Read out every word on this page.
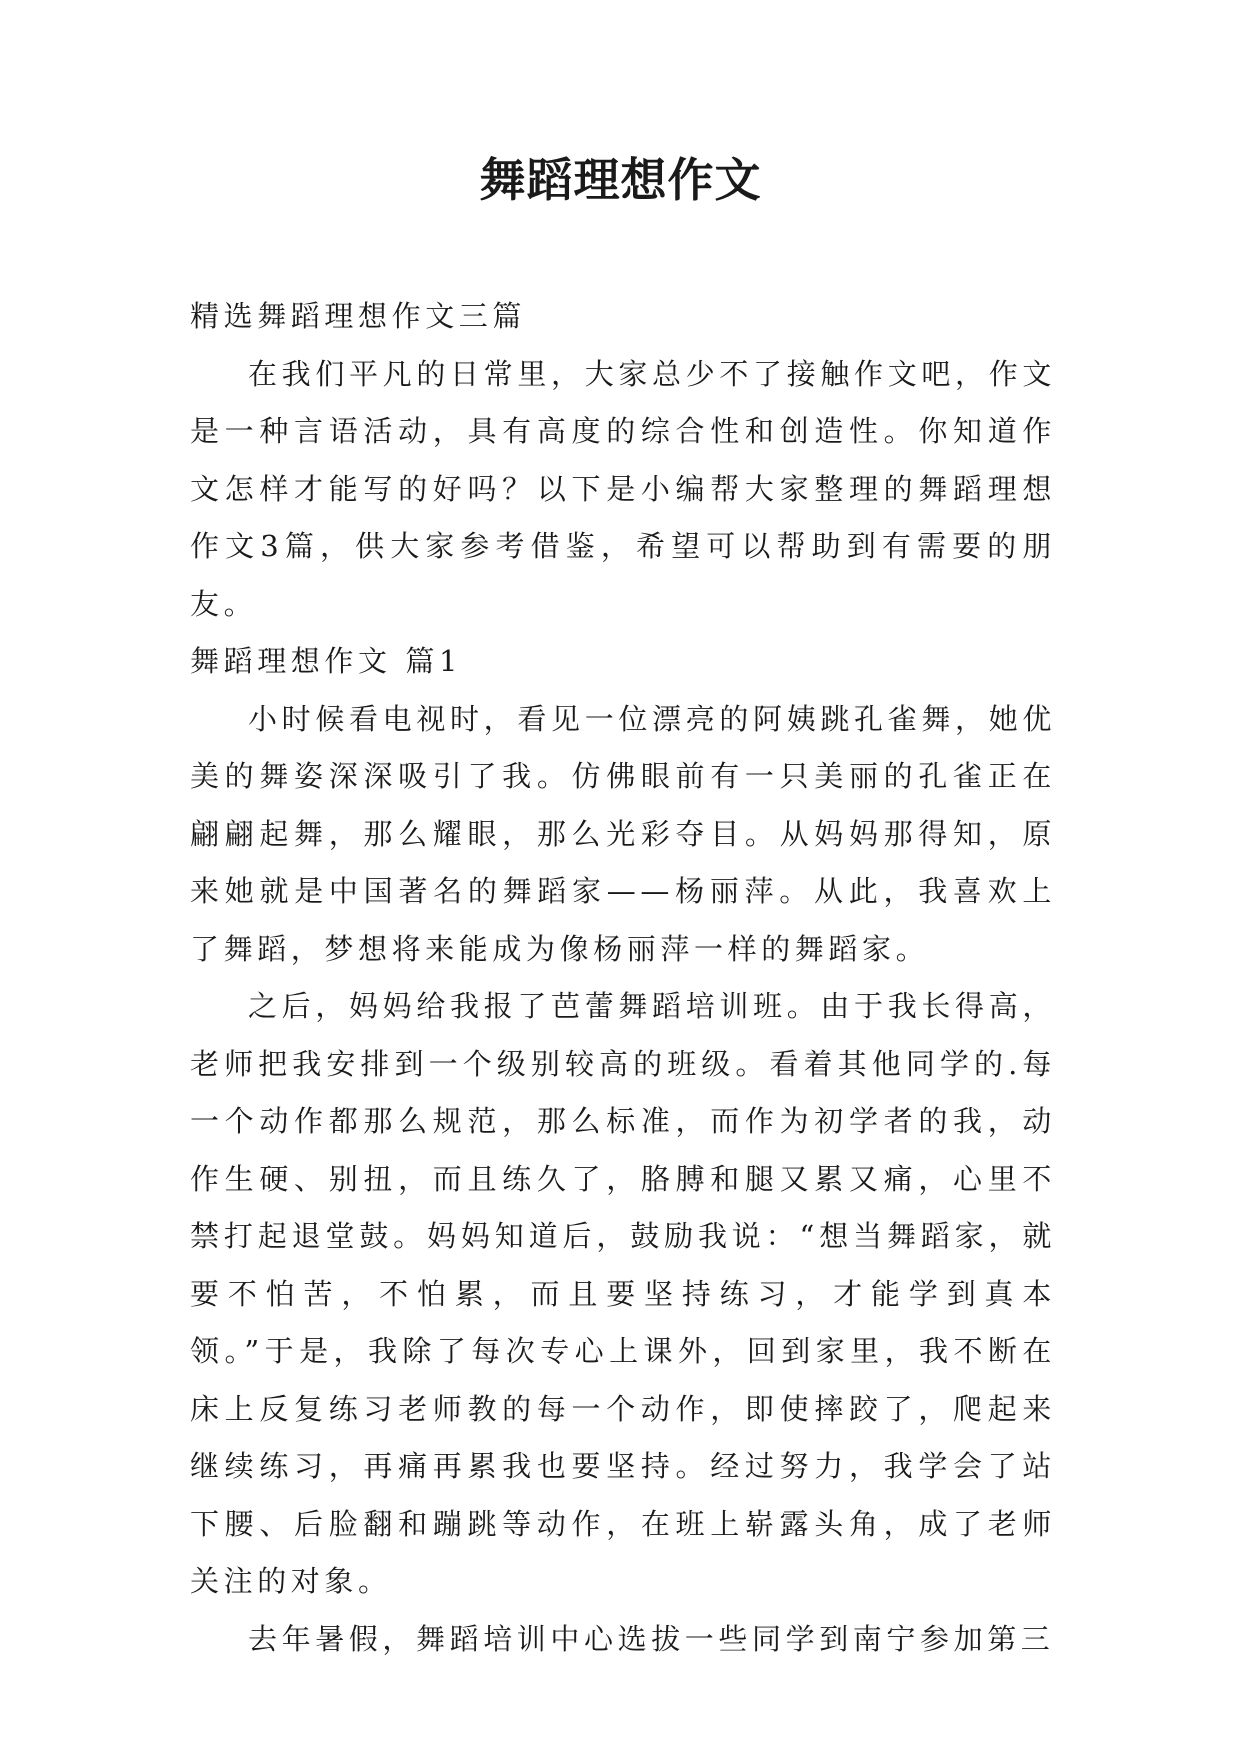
舞蹈理想作文

精选舞蹈理想作文三篇

在我们平凡的日常里，大家总少不了接触作文吧，作文是一种言语活动，具有高度的综合性和创造性。你知道作文怎样才能写的好吗？以下是小编帮大家整理的舞蹈理想作文3篇，供大家参考借鉴，希望可以帮助到有需要的朋友。

舞蹈理想作文 篇1

小时候看电视时，看见一位漂亮的阿姨跳孔雀舞，她优美的舞姿深深吸引了我。仿佛眼前有一只美丽的孔雀正在翩翩起舞，那么耀眼，那么光彩夺目。从妈妈那得知，原来她就是中国著名的舞蹈家——杨丽萍。从此，我喜欢上了舞蹈，梦想将来能成为像杨丽萍一样的舞蹈家。

之后，妈妈给我报了芭蕾舞蹈培训班。由于我长得高，老师把我安排到一个级别较高的班级。看着其他同学的.每一个动作都那么规范，那么标准，而作为初学者的我，动作生硬、别扭，而且练久了，胳膊和腿又累又痛，心里不禁打起退堂鼓。妈妈知道后，鼓励我说：“想当舞蹈家，就要不怕苦，不怕累，而且要坚持练习，才能学到真本领。”于是，我除了每次专心上课外，回到家里，我不断在床上反复练习老师教的每一个动作，即使摔跤了，爬起来继续练习，再痛再累我也要坚持。经过努力，我学会了站下腰、后脸翻和蹦跳等动作，在班上崭露头角，成了老师关注的对象。

去年暑假，舞蹈培训中心选拔一些同学到南宁参加第三
